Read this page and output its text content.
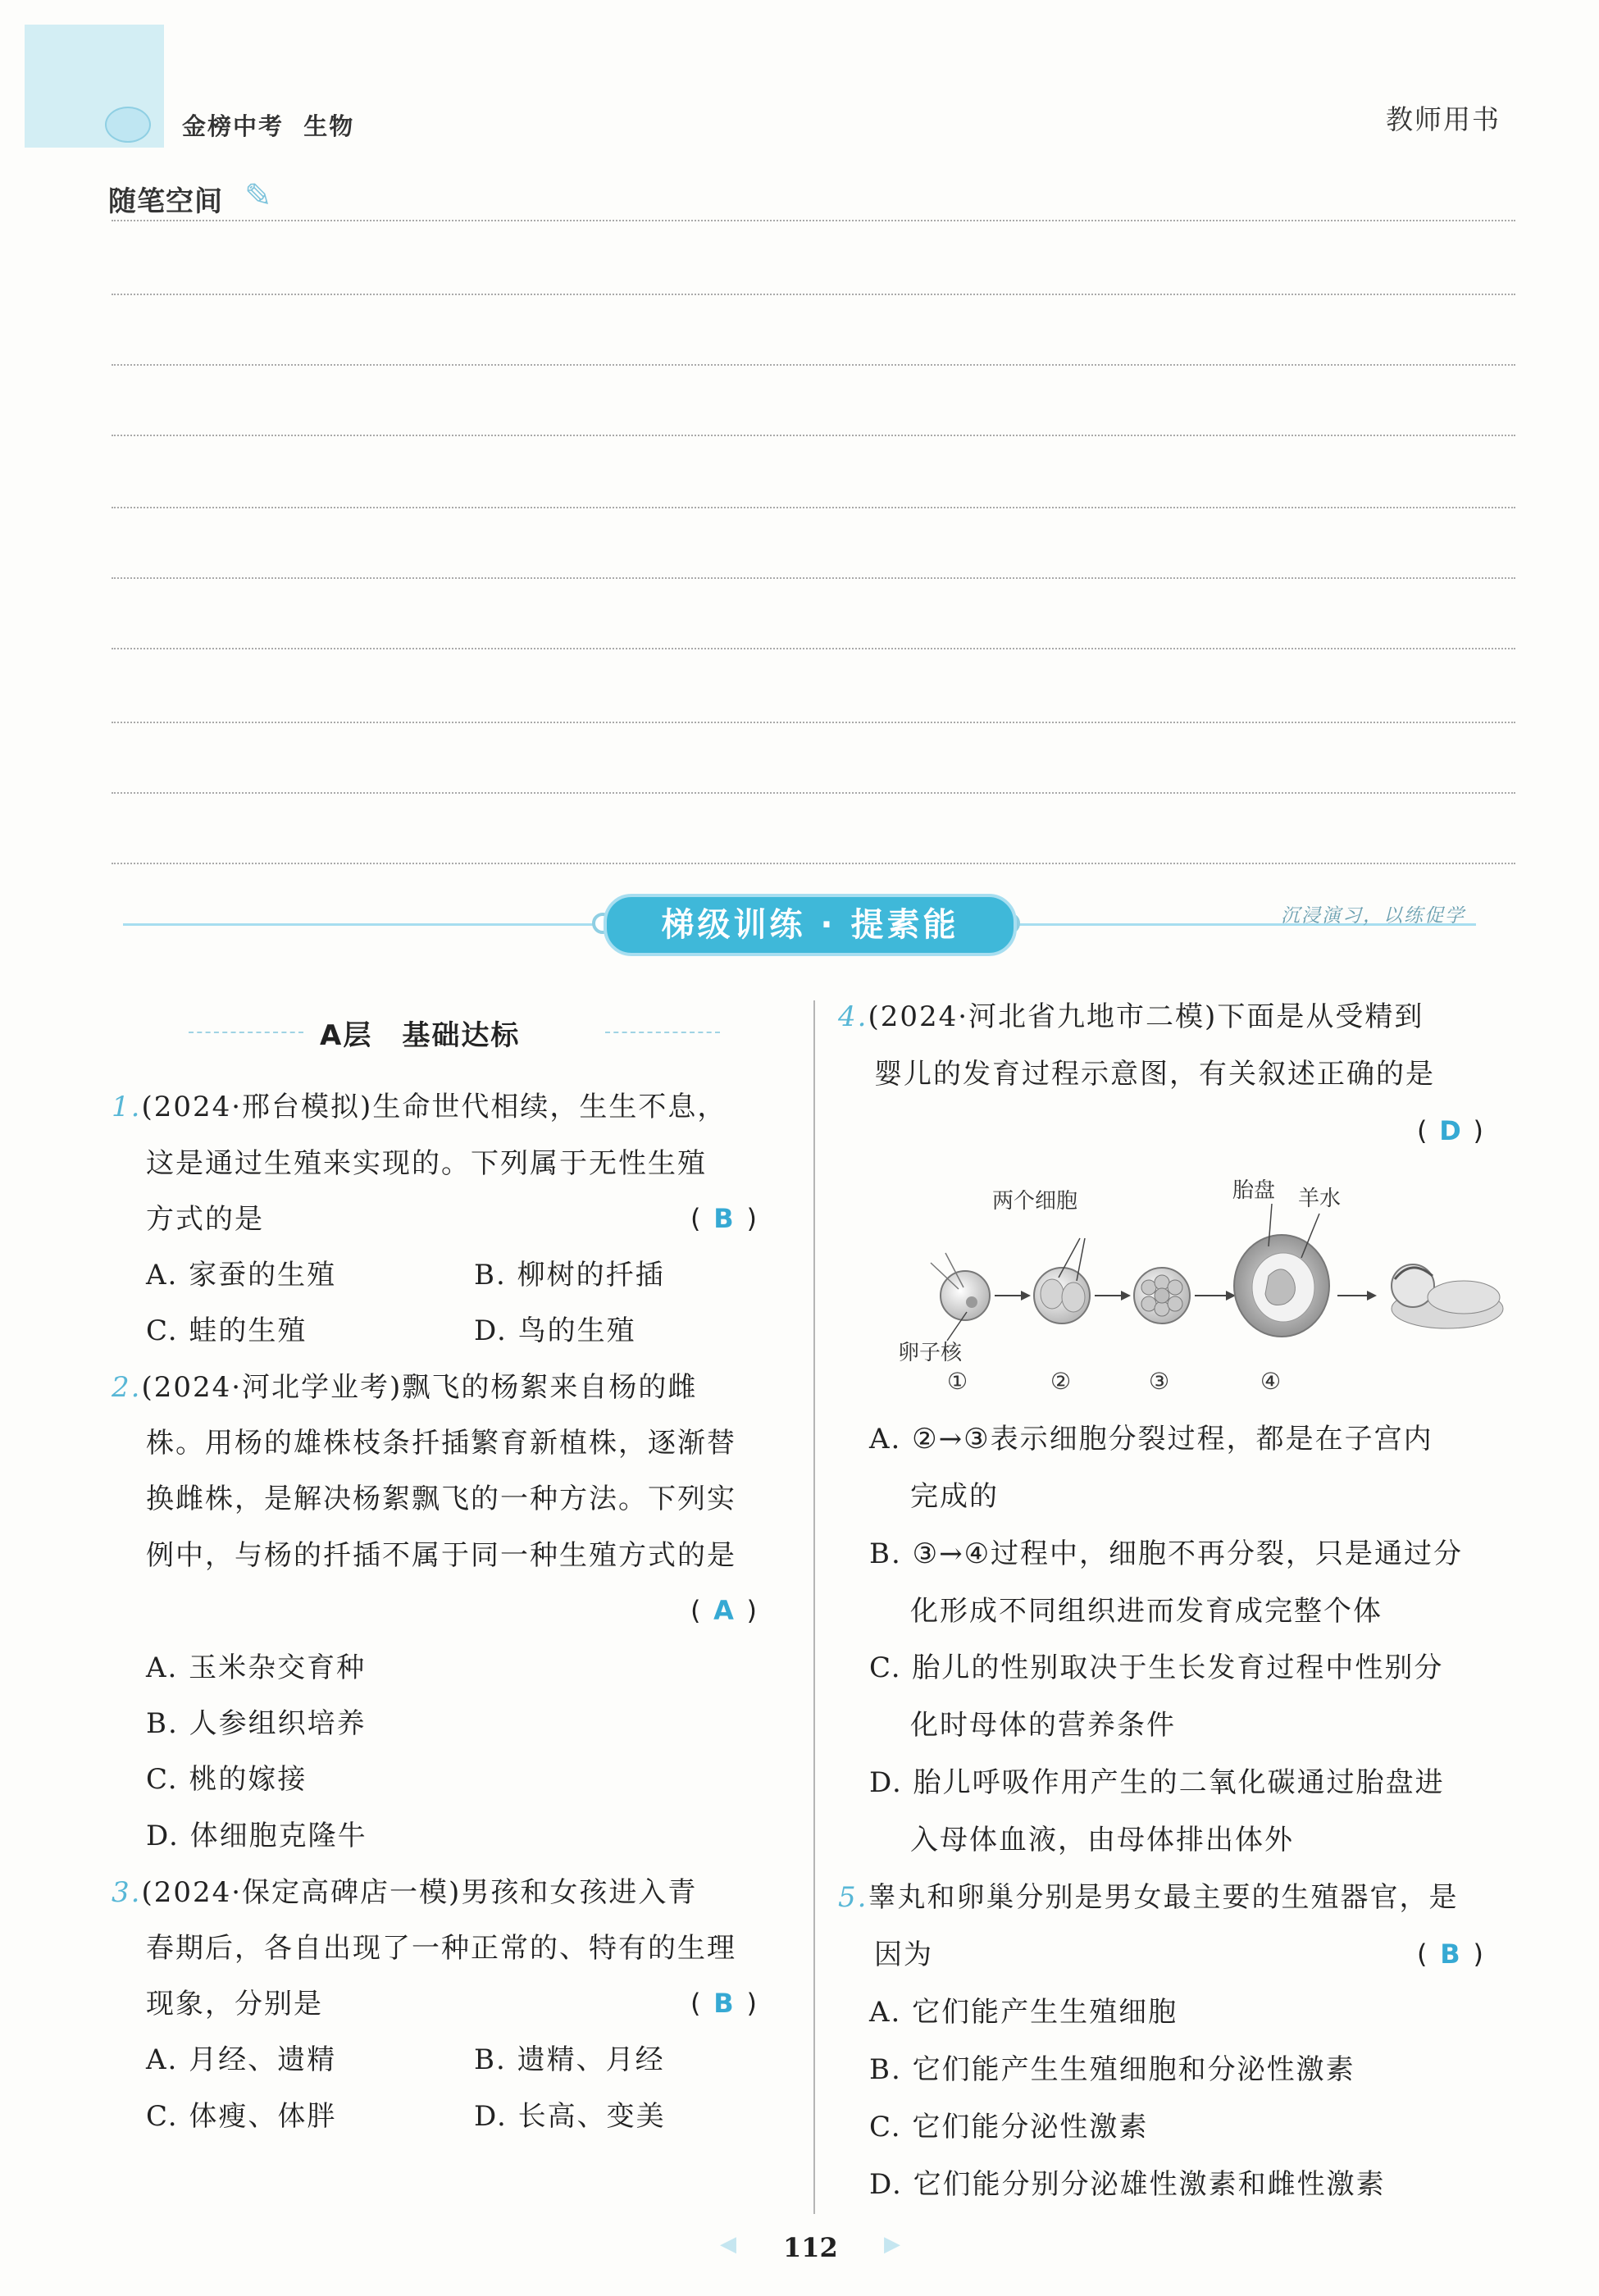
金榜中考 生物	教师用书
随笔空间 ✎
梯级训练 · 提素能	沉浸演习，以练促学
A层　基础达标
1.(2024·邢台模拟)生命世代相续，生生不息，
这是通过生殖来实现的。下列属于无性生殖
方式的是	( B )
A. 家蚕的生殖	B. 柳树的扦插
C. 蛙的生殖	D. 鸟的生殖
2.(2024·河北学业考)飘飞的杨絮来自杨的雌
株。用杨的雄株枝条扦插繁育新植株，逐渐替
换雌株，是解决杨絮飘飞的一种方法。下列实
例中，与杨的扦插不属于同一种生殖方式的是
( A )
A. 玉米杂交育种
B. 人参组织培养
C. 桃的嫁接
D. 体细胞克隆牛
3.(2024·保定高碑店一模)男孩和女孩进入青
春期后，各自出现了一种正常的、特有的生理
现象，分别是	( B )
A. 月经、遗精	B. 遗精、月经
C. 体瘦、体胖	D. 长高、变美
4.(2024·河北省九地市二模)下面是从受精到
婴儿的发育过程示意图，有关叙述正确的是
( D )
两个细胞	胎盘 羊水
卵子核
①	②	③	④
A. ②→③表示细胞分裂过程，都是在子宫内
完成的
B. ③→④过程中，细胞不再分裂，只是通过分
化形成不同组织进而发育成完整个体
C. 胎儿的性别取决于生长发育过程中性别分
化时母体的营养条件
D. 胎儿呼吸作用产生的二氧化碳通过胎盘进
入母体血液，由母体排出体外
5.睾丸和卵巢分别是男女最主要的生殖器官，是
因为	( B )
A. 它们能产生生殖细胞
B. 它们能产生生殖细胞和分泌性激素
C. 它们能分泌性激素
D. 它们能分别分泌雄性激素和雌性激素
◀ 112 ▶
